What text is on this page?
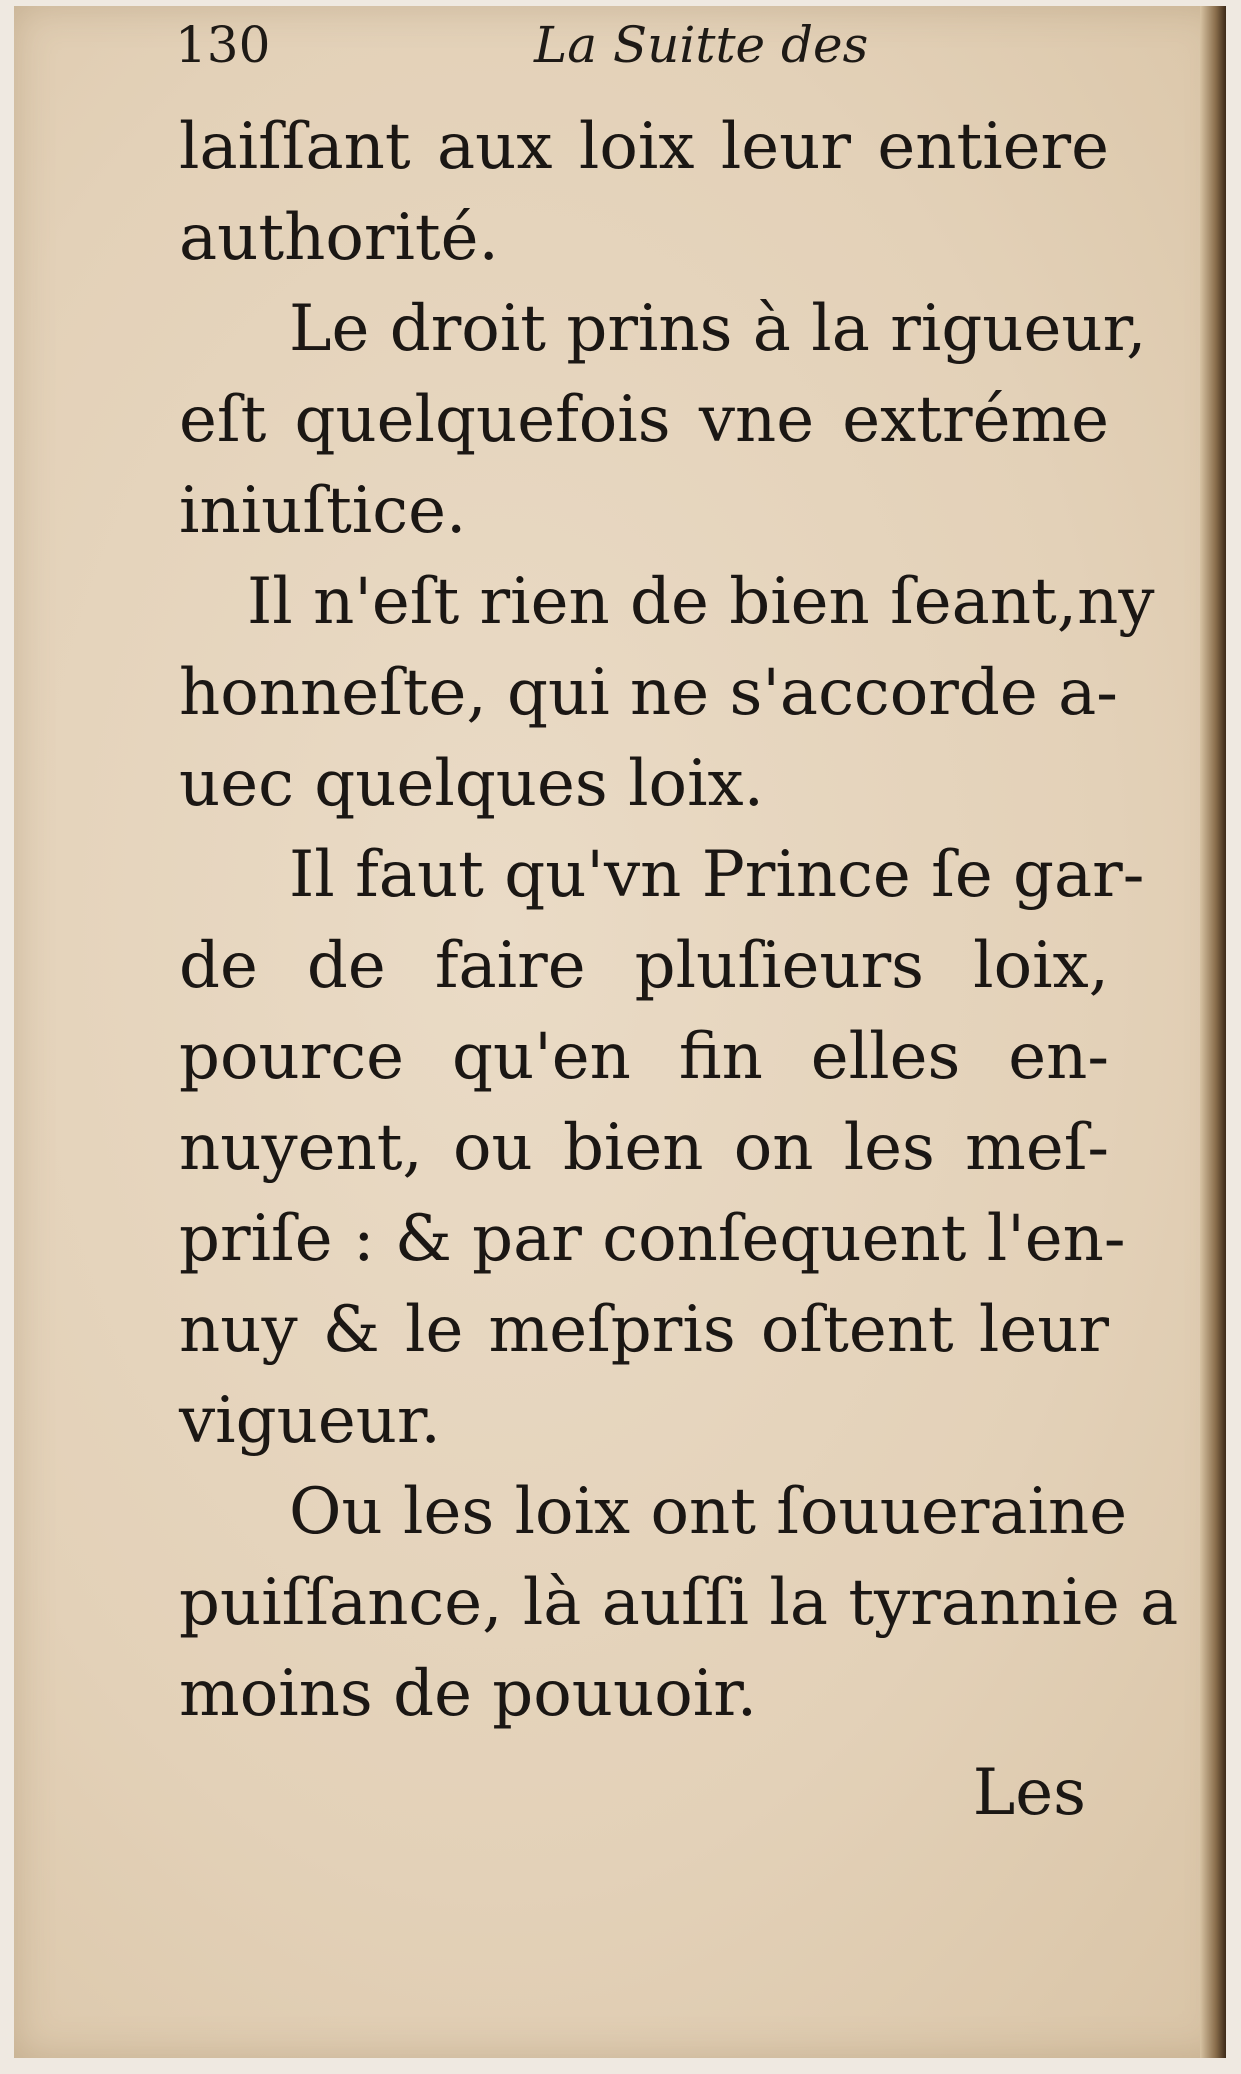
130	La Suitte des
laiſſant aux loix leur entiere
authorité.
Le droit prins à la rigueur,
eſt quelquefois vne extréme
iniuſtice.
Il n'eſt rien de bien ſeant,ny
honneſte, qui ne s'accorde a-
uec quelques loix.
Il faut qu'vn Prince ſe gar-
de de faire pluſieurs loix,
pource qu'en fin elles en-
nuyent, ou bien on les meſ-
priſe : & par conſequent l'en-
nuy & le meſpris oſtent leur
vigueur.
Ou les loix ont ſouueraine
puiſſance, là auſſi la tyrannie a
moins de pouuoir.
Les
